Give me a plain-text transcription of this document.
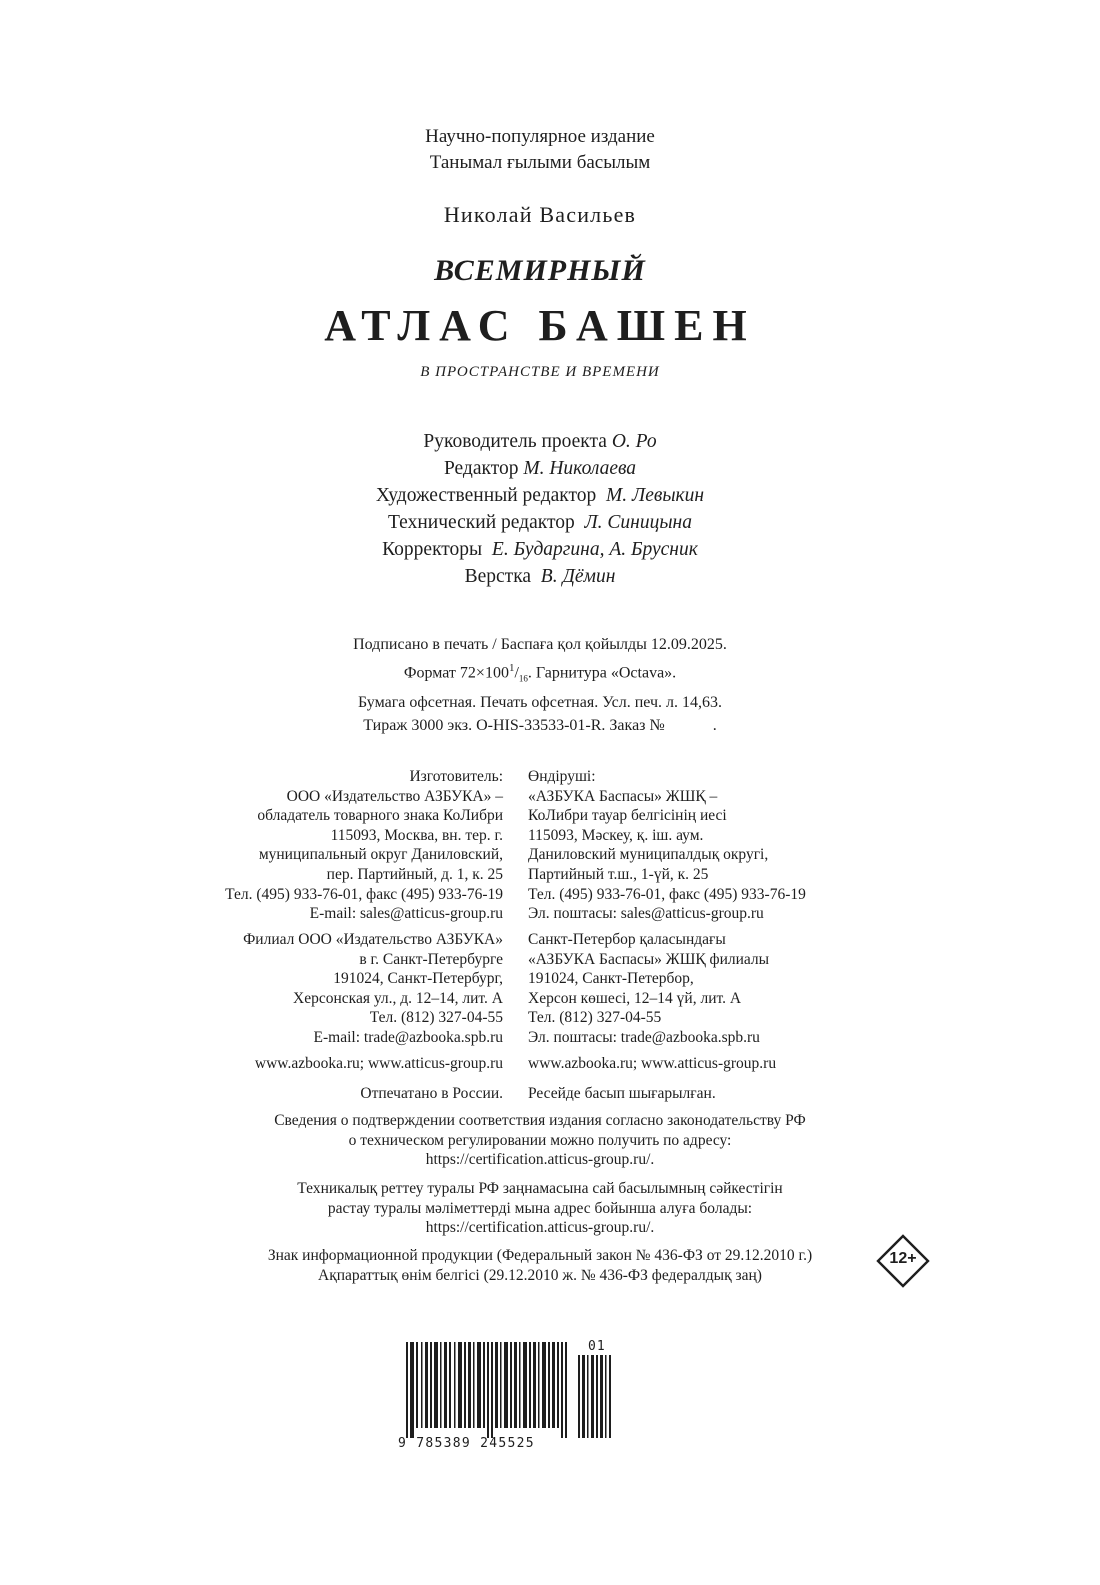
Научно-популярное издание
Танымал ғылыми басылым
Николай Васильев
ВСЕМИРНЫЙ
АТЛАС БАШЕН
В ПРОСТРАНСТВЕ И ВРЕМЕНИ
Руководитель проекта О. Ро
Редактор М. Николаева
Художественный редактор М. Левыкин
Технический редактор Л. Синицына
Корректоры Е. Бударгина, А. Брусник
Верстка В. Дёмин
Подписано в печать / Баспаға қол қойылды 12.09.2025.
Формат $72\times 100^1/_{16}$. Гарнитура «Octava».
Бумага офсетная. Печать офсетная. Усл. печ. л. 14,63.
Тираж 3000 экз. O-HIS-33533-01-R. Заказ №            .
Изготовитель:
ООО «Издательство АЗБУКА» –
обладатель товарного знака КоЛибри
115093, Москва, вн. тер. г.
муниципальный округ Даниловский,
пер. Партийный, д. 1, к. 25
Тел. (495) 933-76-01, факс (495) 933-76-19
E-mail: sales@atticus-group.ru
Өндіруші:
«АЗБУКА Баспасы» ЖШҚ –
КоЛибри тауар белгісінің иесі
115093, Мәскеу, қ. іш. аум.
Даниловский муниципалдық округі,
Партийный т.ш., 1-үй, к. 25
Тел. (495) 933-76-01, факс (495) 933-76-19
Эл. поштасы: sales@atticus-group.ru
Филиал ООО «Издательство АЗБУКА»
в г. Санкт-Петербурге
191024, Санкт-Петербург,
Херсонская ул., д. 12–14, лит. А
Тел. (812) 327-04-55
E-mail: trade@azbooka.spb.ru
Санкт-Петербор қаласындағы
«АЗБУКА Баспасы» ЖШҚ филиалы
191024, Санкт-Петербор,
Херсон көшесі, 12–14 үй, лит. А
Тел. (812) 327-04-55
Эл. поштасы: trade@azbooka.spb.ru
www.azbooka.ru; www.atticus-group.ru www.azbooka.ru; www.atticus-group.ru
Отпечатано в России. Ресейде басып шығарылған.
Сведения о подтверждении соответствия издания согласно законодательству РФ
о техническом регулировании можно получить по адресу:
https://certification.atticus-group.ru/.
Техникалық реттеу туралы РФ заңнамасына сай басылымның сәйкестігін
растау туралы мәліметтерді мына адрес бойынша алуға болады:
https://certification.atticus-group.ru/.
Знак информационной продукции (Федеральный закон № 436-ФЗ от 29.12.2010 г.)
Ақпараттық өнім белгісі (29.12.2010 ж. № 436-ФЗ федералдық заң)
12+
9 785389 245525
01
